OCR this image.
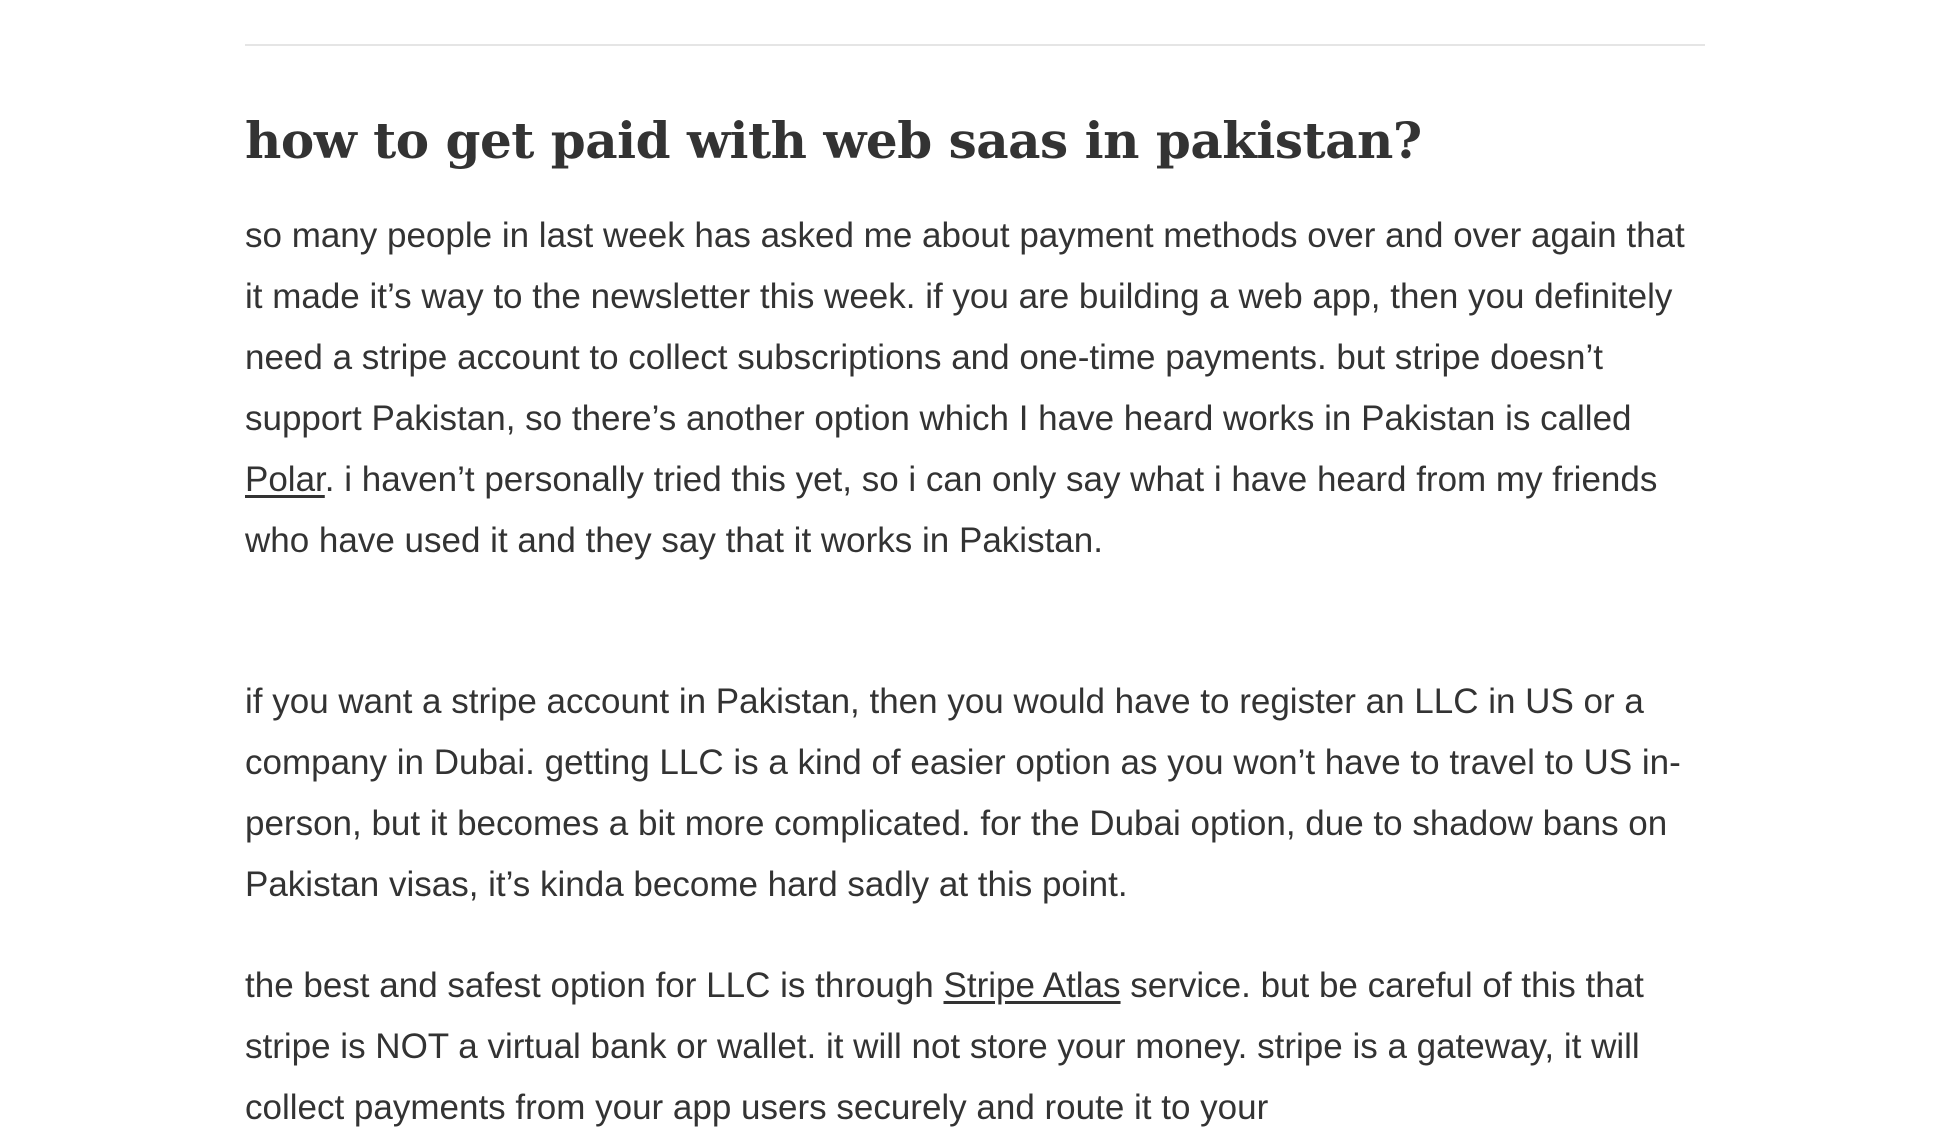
how to get paid with web saas in pakistan?

so many people in last week has asked me about payment methods over and over again that it made it’s way to the newsletter this week. if you are building a web app, then you definitely need a stripe account to collect subscriptions and one-time payments. but stripe doesn’t support Pakistan, so there’s another option which I have heard works in Pakistan is called Polar. i haven’t personally tried this yet, so i can only say what i have heard from my friends who have used it and they say that it works in Pakistan.

if you want a stripe account in Pakistan, then you would have to register an LLC in US or a company in Dubai. getting LLC is a kind of easier option as you won’t have to travel to US in-person, but it becomes a bit more complicated. for the Dubai option, due to shadow bans on Pakistan visas, it’s kinda become hard sadly at this point.

the best and safest option for LLC is through Stripe Atlas service. but be careful of this that stripe is NOT a virtual bank or wallet. it will not store your money. stripe is a gateway, it will collect payments from your app users securely and route it to your
